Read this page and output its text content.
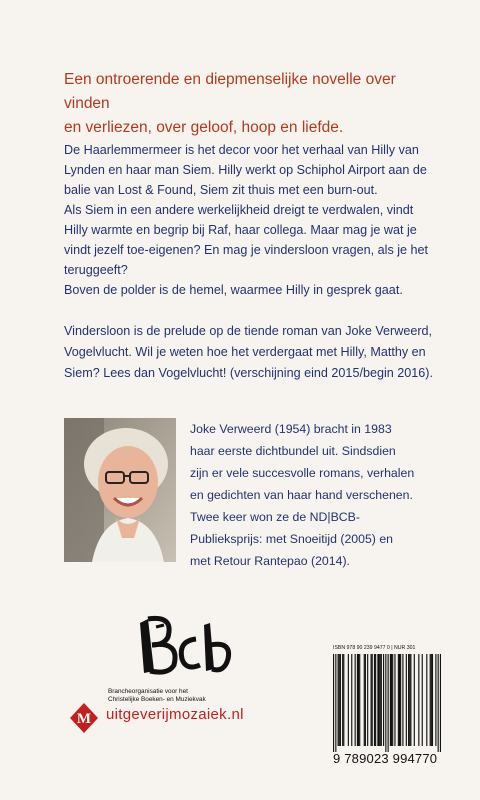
Een ontroerende en diepmenselijke novelle over vinden
en verliezen, over geloof, hoop en liefde.

De Haarlemmermeer is het decor voor het verhaal van Hilly van

Lynden en haar man Siem. Hilly werkt op Schiphol Airport aan de

balie van Lost & Found, Siem zit thuis met een burn-out.

Als Siem in een andere werkelijkheid dreigt te verdwalen, vindt

Hilly warmte en begrip bij Raf, haar collega. Maar mag je wat je

vindt jezelf toe-eigenen? En mag je vindersloon vragen, als je het

teruggeeft?

Boven de polder is de hemel, waarmee Hilly in gesprek gaat.

Vindersloon is de prelude op de tiende roman van Joke Verweerd,
Vogelvlucht. Wil je weten hoe het verdergaat met Hilly, Matthy en
Siem? Lees dan Vogelvlucht! (verschijning eind 2015/begin 2016).
Joke Verweerd (1954) bracht in 1983
haar eerste dichtbundel uit. Sindsdien
zijn er vele succesvolle romans, verhalen
en gedichten van haar hand verschenen.
Twee keer won ze de ND|BCB-
Publieksprijs: met Snoeitijd (2005) en
met Retour Rantepao (2014).
Brancheorganisatie voor het
Christelijke Boeken- en Muziekvak
M uitgeverijmozaiek.nl
ISBN 978 90 239 9477 0 | NUR 301
9 789023 994770
